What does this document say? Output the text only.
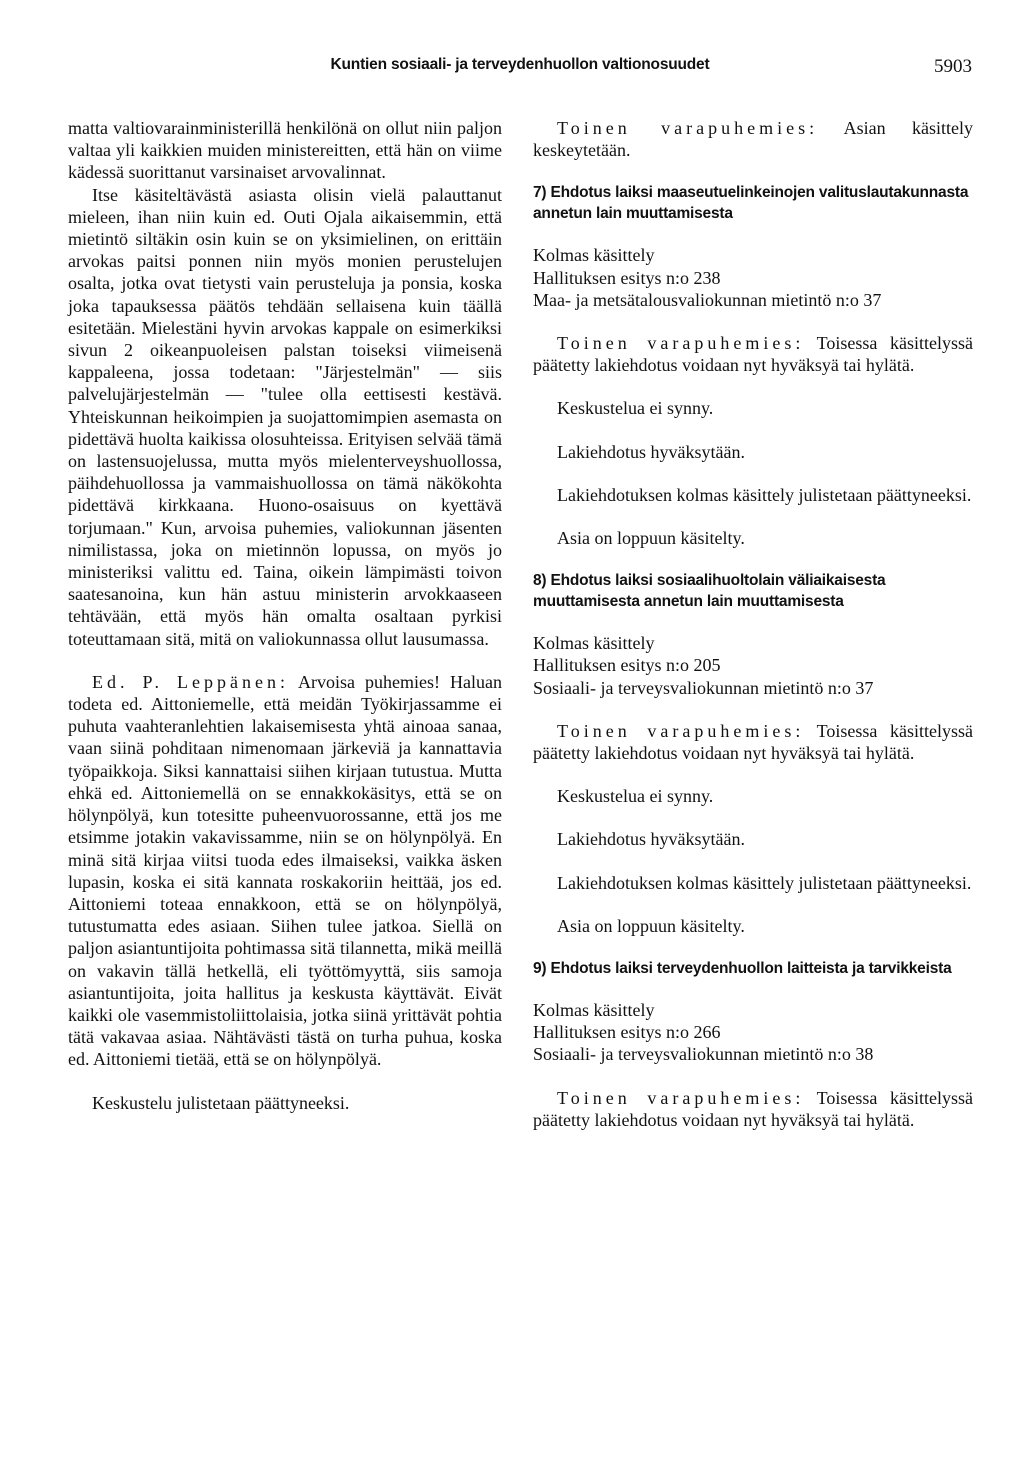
Kuntien sosiaali- ja terveydenhuollon valtionosuudet	5903

matta valtiovarainministerillä henkilönä on ollut niin paljon valtaa yli kaikkien muiden ministereitten, että hän on viime kädessä suorittanut varsinaiset arvovalinnat.

Itse käsiteltävästä asiasta olisin vielä palauttanut mieleen, ihan niin kuin ed. Outi Ojala aikaisemmin, että mietintö siltäkin osin kuin se on yksimielinen, on erittäin arvokas paitsi ponnen niin myös monien perustelujen osalta, jotka ovat tietysti vain perusteluja ja ponsia, koska joka tapauksessa päätös tehdään sellaisena kuin täällä esitetään. Mielestäni hyvin arvokas kappale on esimerkiksi sivun 2 oikeanpuoleisen palstan toiseksi viimeisenä kappaleena, jossa todetaan: "Järjestelmän" — siis palvelujärjestelmän — "tulee olla eettisesti kestävä. Yhteiskunnan heikoimpien ja suojattomimpien asemasta on pidettävä huolta kaikissa olosuhteissa. Erityisen selvää tämä on lastensuojelussa, mutta myös mielenterveyshuollossa, päihdehuollossa ja vammaishuollossa on tämä näkökohta pidettävä kirkkaana. Huono-osaisuus on kyettävä torjumaan." Kun, arvoisa puhemies, valiokunnan jäsenten nimilistassa, joka on mietinnön lopussa, on myös jo ministeriksi valittu ed. Taina, oikein lämpimästi toivon saatesanoina, kun hän astuu ministerin arvokkaaseen tehtävään, että myös hän omalta osaltaan pyrkisi toteuttamaan sitä, mitä on valiokunnassa ollut lausumassa.

Ed. P. Leppänen: Arvoisa puhemies! Haluan todeta ed. Aittoniemelle, että meidän Työkirjassamme ei puhuta vaahteranlehtien lakaisemisesta yhtä ainoaa sanaa, vaan siinä pohditaan nimenomaan järkeviä ja kannattavia työpaikkoja. Siksi kannattaisi siihen kirjaan tutustua. Mutta ehkä ed. Aittoniemellä on se ennakkokäsitys, että se on hölynpölyä, kun totesitte puheenvuorossanne, että jos me etsimme jotakin vakavissamme, niin se on hölynpölyä. En minä sitä kirjaa viitsi tuoda edes ilmaiseksi, vaikka äsken lupasin, koska ei sitä kannata roskakoriin heittää, jos ed. Aittoniemi toteaa ennakkoon, että se on hölynpölyä, tutustumatta edes asiaan. Siihen tulee jatkoa. Siellä on paljon asiantuntijoita pohtimassa sitä tilannetta, mikä meillä on vakavin tällä hetkellä, eli työttömyyttä, siis samoja asiantuntijoita, joita hallitus ja keskusta käyttävät. Eivät kaikki ole vasemmistoliittolaisia, jotka siinä yrittävät pohtia tätä vakavaa asiaa. Nähtävästi tästä on turha puhua, koska ed. Aittoniemi tietää, että se on hölynpölyä.

Keskustelu julistetaan päättyneeksi.

Toinen varapuhemies: Asian käsittely keskeytetään.

7) Ehdotus laiksi maaseutuelinkeinojen valituslautakunnasta annetun lain muuttamisesta

Kolmas käsittely

Hallituksen esitys n:o 238

Maa- ja metsätalousvaliokunnan mietintö n:o 37

Toinen varapuhemies: Toisessa käsittelyssä päätetty lakiehdotus voidaan nyt hyväksyä tai hylätä.

Keskustelua ei synny.

Lakiehdotus hyväksytään.

Lakiehdotuksen kolmas käsittely julistetaan päättyneeksi.

Asia on loppuun käsitelty.

8) Ehdotus laiksi sosiaalihuoltolain väliaikaisesta muuttamisesta annetun lain muuttamisesta

Kolmas käsittely

Hallituksen esitys n:o 205

Sosiaali- ja terveysvaliokunnan mietintö n:o 37

Toinen varapuhemies: Toisessa käsittelyssä päätetty lakiehdotus voidaan nyt hyväksyä tai hylätä.

Keskustelua ei synny.

Lakiehdotus hyväksytään.

Lakiehdotuksen kolmas käsittely julistetaan päättyneeksi.

Asia on loppuun käsitelty.

9) Ehdotus laiksi terveydenhuollon laitteista ja tarvikkeista

Kolmas käsittely

Hallituksen esitys n:o 266

Sosiaali- ja terveysvaliokunnan mietintö n:o 38

Toinen varapuhemies: Toisessa käsittelyssä päätetty lakiehdotus voidaan nyt hyväksyä tai hylätä.
